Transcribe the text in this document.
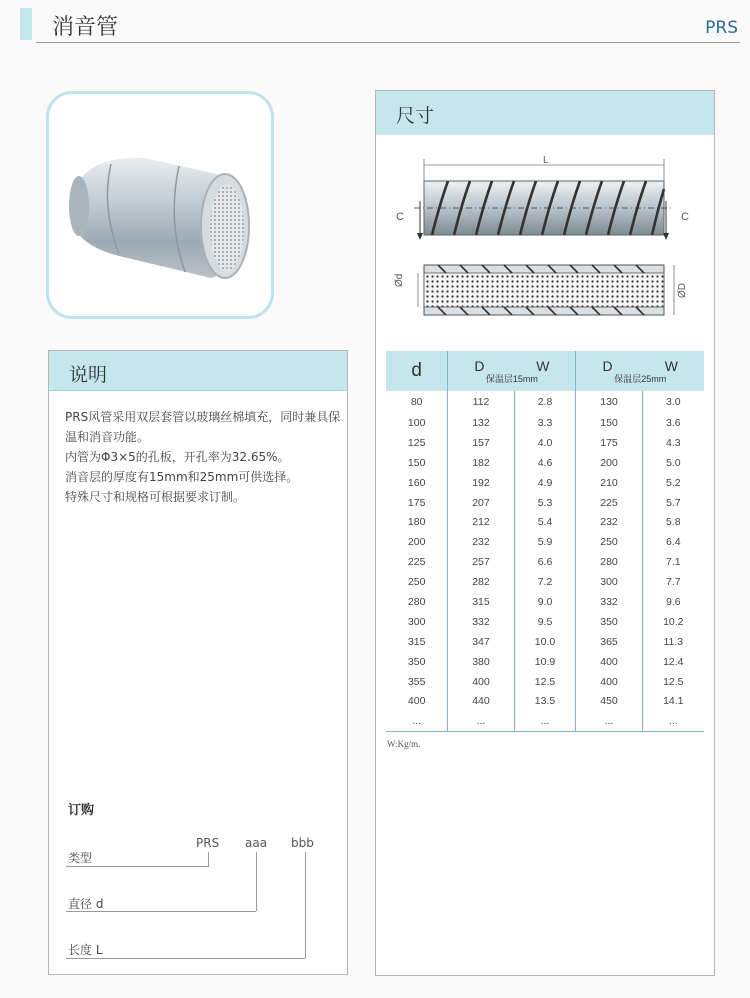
消音管	PRS
说明
PRS风管采用双层套管以玻璃丝棉填充，同时兼具保
温和消音功能。
内管为Φ3×5的孔板，开孔率为32.65%。
消音层的厚度有15mm和25mm可供选择。
特殊尺寸和规格可根据要求订制。
订购
PRS aaa bbb
类型
直径 d
长度 L
尺寸
L
C	C
Ød
ØD
d	D W
保温层15mm		D W
保温层25mm	

80	112	2.8	130	3.0
100	132	3.3	150	3.6
125	157	4.0	175	4.3
150	182	4.6	200	5.0
160	192	4.9	210	5.2
175	207	5.3	225	5.7
180	212	5.4	232	5.8
200	232	5.9	250	6.4
225	257	6.6	280	7.1
250	282	7.2	300	7.7
280	315	9.0	332	9.6
300	332	9.5	350	10.2
315	347	10.0	365	11.3
350	380	10.9	400	12.4
355	400	12.5	400	12.5
400	440	13.5	450	14.1
...	...	...	...	...
W:Kg/m.
